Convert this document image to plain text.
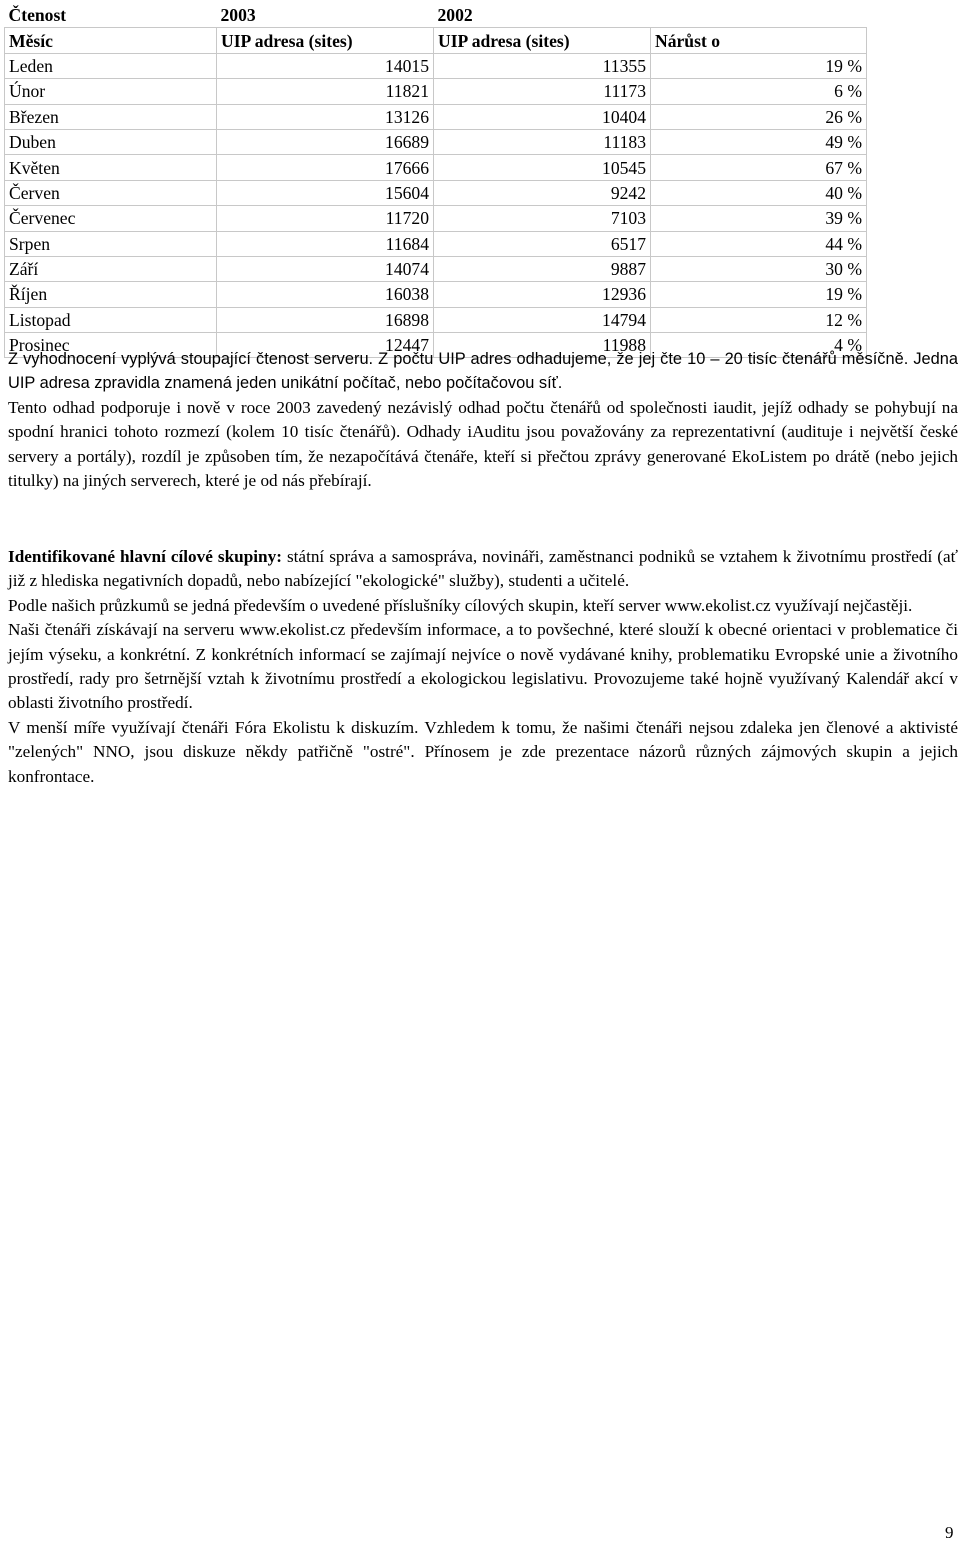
Čtenost	2003	2002	
Měsíc	UIP adresa (sites)	UIP adresa (sites)	Nárůst o
Leden	14015	11355	19 %
Únor	11821	11173	6 %
Březen	13126	10404	26 %
Duben	16689	11183	49 %
Květen	17666	10545	67 %
Červen	15604	9242	40 %
Červenec	11720	7103	39 %
Srpen	11684	6517	44 %
Září	14074	9887	30 %
Říjen	16038	12936	19 %
Listopad	16898	14794	12 %
Prosinec	12447	11988	4 %
Z vyhodnocení vyplývá stoupající čtenost serveru. Z počtu UIP adres odhadujeme, že jej čte 10 – 20 tisíc čtenářů měsíčně. Jedna UIP adresa zpravidla znamená jeden unikátní počítač, nebo počítačovou síť.
Tento odhad podporuje i nově v roce 2003 zavedený nezávislý odhad počtu čtenářů od společnosti iaudit, jejíž odhady se pohybují na spodní hranici tohoto rozmezí (kolem 10 tisíc čtenářů). Odhady iAuditu jsou považovány za reprezentativní (audituje i největší české servery a portály), rozdíl je způsoben tím, že nezapočítává čtenáře, kteří si přečtou zprávy generované EkoListem po drátě (nebo jejich titulky) na jiných serverech, které je od nás přebírají.
Identifikované hlavní cílové skupiny: státní správa a samospráva, novináři, zaměstnanci podniků se vztahem k životnímu prostředí (ať již z hlediska negativních dopadů, nebo nabízející "ekologické" služby), studenti a učitelé.
Podle našich průzkumů se jedná především o uvedené příslušníky cílových skupin, kteří server www.ekolist.cz využívají nejčastěji.
Naši čtenáři získávají na serveru www.ekolist.cz především informace, a to povšechné, které slouží k obecné orientaci v problematice či jejím výseku, a konkrétní. Z konkrétních informací se zajímají nejvíce o nově vydávané knihy, problematiku Evropské unie a životního prostředí, rady pro šetrnější vztah k životnímu prostředí a ekologickou legislativu. Provozujeme také hojně využívaný Kalendář akcí v oblasti životního prostředí.
V menší míře využívají čtenáři Fóra Ekolistu k diskuzím. Vzhledem k tomu, že našimi čtenáři nejsou zdaleka jen členové a aktivisté "zelených" NNO, jsou diskuze někdy patřičně "ostré". Přínosem je zde prezentace názorů různých zájmových skupin a jejich konfrontace.
9
